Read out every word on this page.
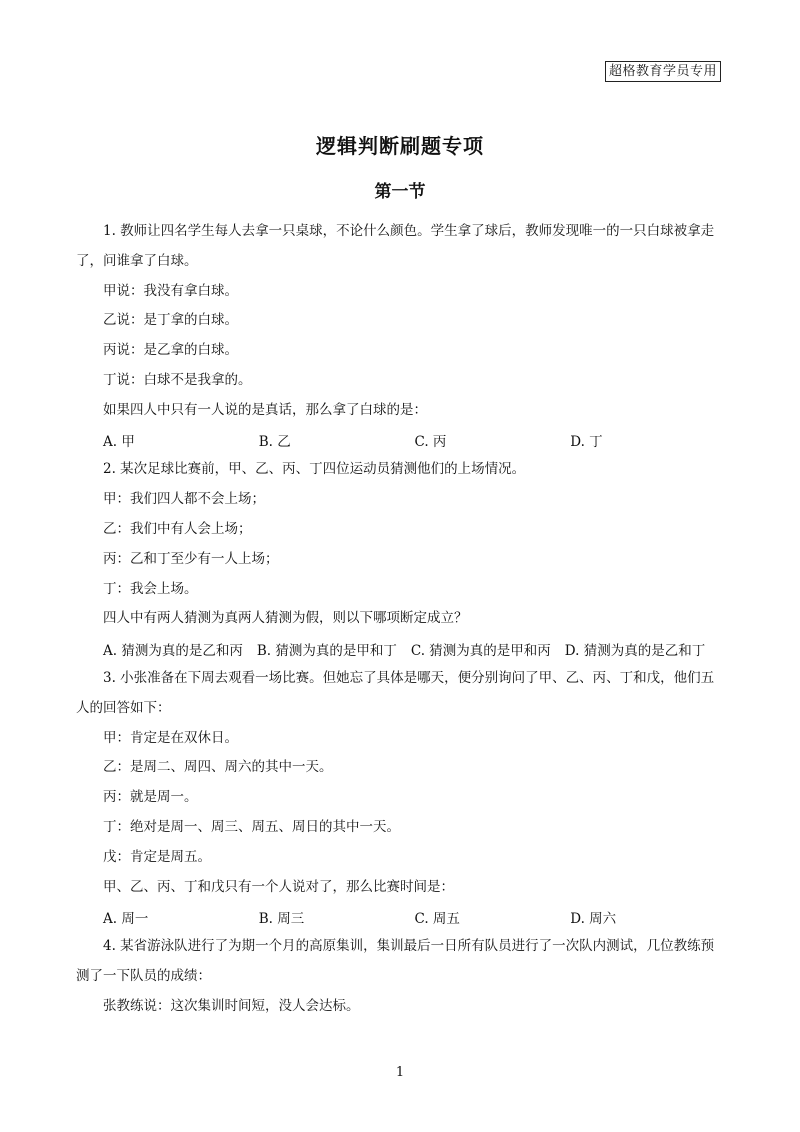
超格教育学员专用
逻辑判断刷题专项
第一节

1. 教师让四名学生每人去拿一只桌球，不论什么颜色。学生拿了球后，教师发现唯一的一只白球被拿走了，问谁拿了白球。

甲说：我没有拿白球。

乙说：是丁拿的白球。

丙说：是乙拿的白球。

丁说：白球不是我拿的。

如果四人中只有一人说的是真话，那么拿了白球的是：

A. 甲	B. 乙	C. 丙	D. 丁

2. 某次足球比赛前，甲、乙、丙、丁四位运动员猜测他们的上场情况。

甲：我们四人都不会上场；

乙：我们中有人会上场；

丙：乙和丁至少有一人上场；

丁：我会上场。

四人中有两人猜测为真两人猜测为假，则以下哪项断定成立？

A. 猜测为真的是乙和丙 B. 猜测为真的是甲和丁 C. 猜测为真的是甲和丙 D. 猜测为真的是乙和丁

3. 小张准备在下周去观看一场比赛。但她忘了具体是哪天，便分别询问了甲、乙、丙、丁和戊，他们五人的回答如下：

甲：肯定是在双休日。

乙：是周二、周四、周六的其中一天。

丙：就是周一。

丁：绝对是周一、周三、周五、周日的其中一天。

戊：肯定是周五。

甲、乙、丙、丁和戊只有一个人说对了，那么比赛时间是：

A. 周一	B. 周三	C. 周五	D. 周六

4. 某省游泳队进行了为期一个月的高原集训，集训最后一日所有队员进行了一次队内测试，几位教练预测了一下队员的成绩：

张教练说：这次集训时间短，没人会达标。

1
